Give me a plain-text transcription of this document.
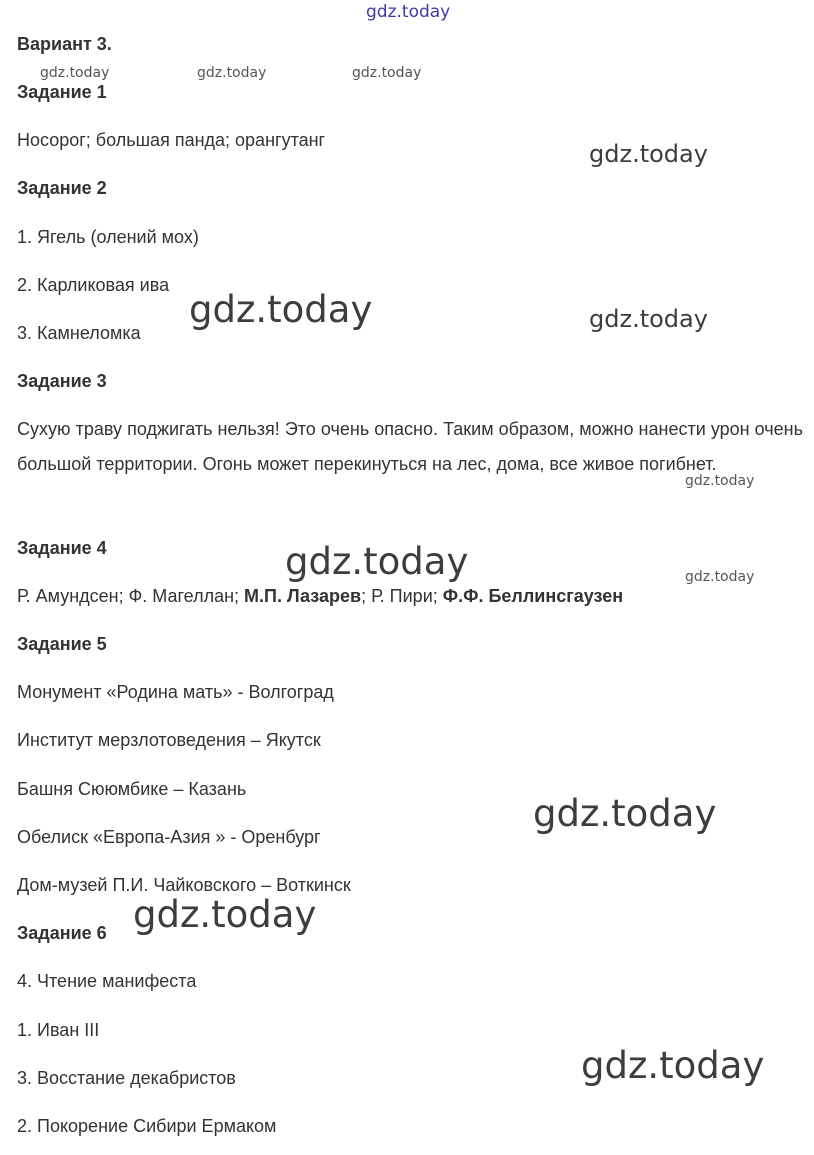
gdz.today
gdz.today	gdz.today	gdz.today
gdz.today
gdz.today	gdz.today
gdz.today
gdz.today	gdz.today
gdz.today
gdz.today
gdz.today
Вариант 3.
Задание 1
Носорог; большая панда; орангутанг
Задание 2
1. Ягель (олений мох)
2. Карликовая ива
3. Камнеломка
Задание 3
Сухую траву поджигать нельзя! Это очень опасно. Таким образом, можно нанести урон очень большой территории. Огонь может перекинуться на лес, дома, все живое погибнет.
Задание 4
Р. Амундсен; Ф. Магеллан; М.П. Лазарев; Р. Пири; Ф.Ф. Беллинсгаузен
Задание 5
Монумент «Родина мать» - Волгоград
Институт мерзлотоведения – Якутск
Башня Сююмбике – Казань
Обелиск «Европа-Азия » - Оренбург
Дом-музей П.И. Чайковского – Воткинск
Задание 6
4. Чтение манифеста
1. Иван III
3. Восстание декабристов
2. Покорение Сибири Ермаком
